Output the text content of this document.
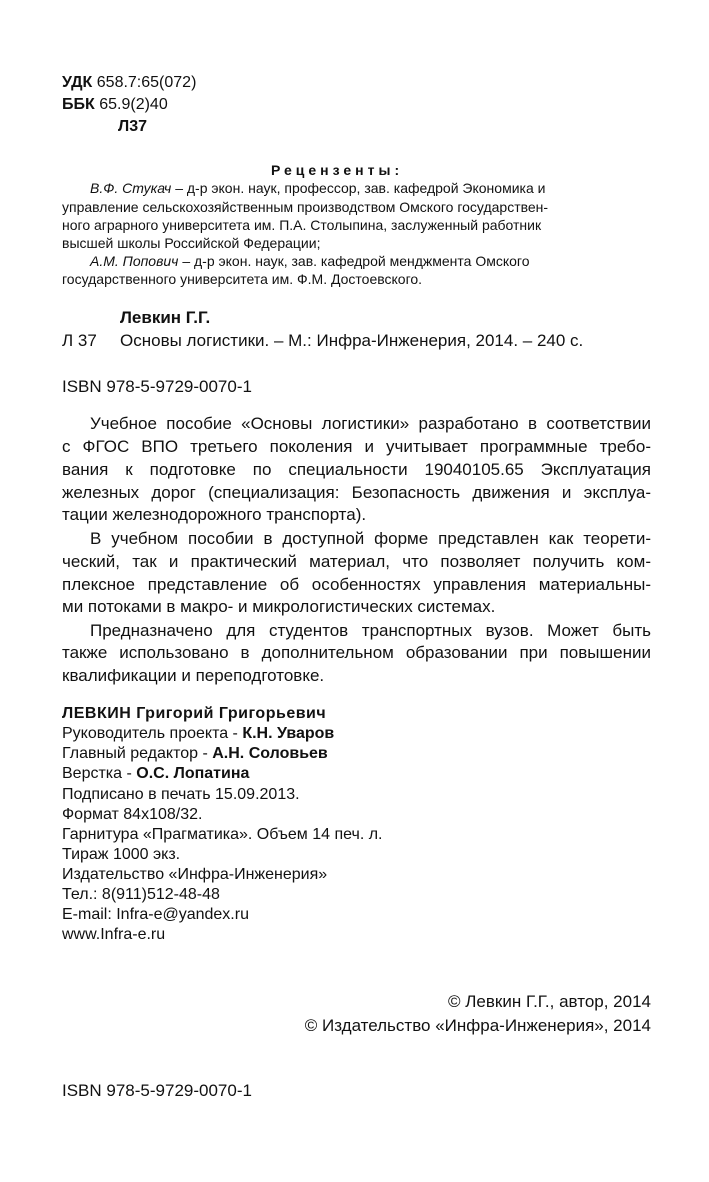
УДК 658.7:65(072)
ББК 65.9(2)40
Л37
Рецензенты:
В.Ф. Стукач – д-р экон. наук, профессор, зав. кафедрой Экономика и
управление сельскохозяйственным производством Омского государствен-
ного аграрного университета им. П.А. Столыпина, заслуженный работник
высшей школы Российской Федерации;
А.М. Попович – д-р экон. наук, зав. кафедрой менджмента Омского
государственного университета им. Ф.М. Достоевского.
Левкин Г.Г.
Л 37 Основы логистики. – М.: Инфра-Инженерия, 2014. – 240 с.
ISBN 978-5-9729-0070-1
Учебное пособие «Основы логистики» разработано в соответствии
с ФГОС ВПО третьего поколения и учитывает программные требо-
вания к подготовке по специальности 19040105.65 Эксплуатация
железных дорог (специализация: Безопасность движения и эксплуа-
тации железнодорожного транспорта).
В учебном пособии в доступной форме представлен как теорети-
ческий, так и практический материал, что позволяет получить ком-
плексное представление об особенностях управления материальны-
ми потоками в макро- и микрологистических системах.
Предназначено для студентов транспортных вузов. Может быть
также использовано в дополнительном образовании при повышении
квалификации и переподготовке.
ЛЕВКИН Григорий Григорьевич
Руководитель проекта - К.Н. Уваров
Главный редактор - А.Н. Соловьев
Верстка - О.С. Лопатина
Подписано в печать 15.09.2013.
Формат 84х108/32.
Гарнитура «Прагматика». Объем 14 печ. л.
Тираж 1000 экз.
Издательство «Инфра-Инженерия»
Тел.: 8(911)512-48-48
E-mail: Infra-e@yandex.ru
www.Infra-e.ru
© Левкин Г.Г., автор, 2014
© Издательство «Инфра-Инженерия», 2014
ISBN 978-5-9729-0070-1
